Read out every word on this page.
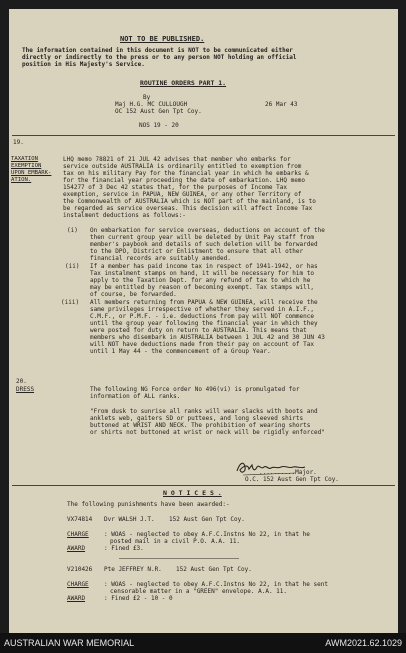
NOT TO BE PUBLISHED.
The information contained in this document is NOT to be communicated either
directly or indirectly to the press or to any person NOT holding an official
position in His Majesty's Service.
ROUTINE ORDERS PART 1.
By
Maj H.G. MC CULLOUGH	26 Mar 43
OC 152 Aust Gen Tpt Coy.
NOS 19 - 20
19.
TAXATION
EXEMPTION
UPON EMBARK-
ATION.
LHQ memo 78821 of 21 JUL 42 advises that member who embarks for
service outside AUSTRALIA is ordinarily entitled to exemption from
tax on his military Pay for the financial year in which he embarks &
for the financial year proceeding the date of embarkation. LHQ memo
154277 of 3 Dec 42 states that, for the purposes of Income Tax
exemption, service in PAPUA, NEW GUINEA, or any other Territory of
the Commonwealth of AUSTRALIA which is NOT part of the mainland, is to
be regarded as service overseas. This decision will affect Income Tax
instalment deductions as follows:-
(i) On embarkation for service overseas, deductions on account of the
then current group year will be deleted by Unit Pay staff from
member's paybook and details of such deletion will be forwarded
to the DPO, District or Enlistment to ensure that all other
financial records are suitably amended.
(ii) If a member has paid income tax in respect of 1941-1942, or has
Tax instalment stamps on hand, it will be necessary for him to
apply to the Taxation Dept. for any refund of tax to which he
may be entitled by reason of becoming exempt. Tax stamps will,
of course, be forwarded.
(iii) All members returning from PAPUA & NEW GUINEA, will receive the
same privileges irrespective of whether they served in A.I.F.,
C.M.F., or P.M.F. - i.e. deductions from pay will NOT commence
until the group year following the financial year in which they
were posted for duty on return to AUSTRALIA. This means that
members who disembark in AUSTRALIA between 1 JUL 42 and 30 JUN 43
will NOT have deductions made from their pay on account of Tax
until 1 May 44 - the commencement of a Group Year.
20.
DRESS	The following NG Force order No 496(vi) is promulgated for
information of ALL ranks.
"From dusk to sunrise all ranks will wear slacks with boots and
anklets web, gaiters SD or puttees, and long sleeved shirts
buttoned at WRIST AND NECK. The prohibition of wearing shorts
or shirts not buttoned at wrist or neck will be rigidly enforced"
..........Major.
O.C. 152 Aust Gen Tpt Coy.
N O T I C E S .
The following punishments have been awarded:-
VX74814 Dvr WALSH J.T. 152 Aust Gen Tpt Coy.
CHARGE	: WOAS - neglected to obey A.F.C.Instns No 22, in that he
posted mail in a civil P.O. A.A. 11.
AWARD	: Fined £3.
V210426 Pte JEFFREY N.R. 152 Aust Gen Tpt Coy.
CHARGE	: WOAS - neglected to obey A.F.C.Instns No 22, in that he sent
censorable matter in a "GREEN" envelope. A.A. 11.
AWARD	: Fined £2 - 10 - 0
AUSTRALIAN WAR MEMORIAL	AWM2021.62.1029
